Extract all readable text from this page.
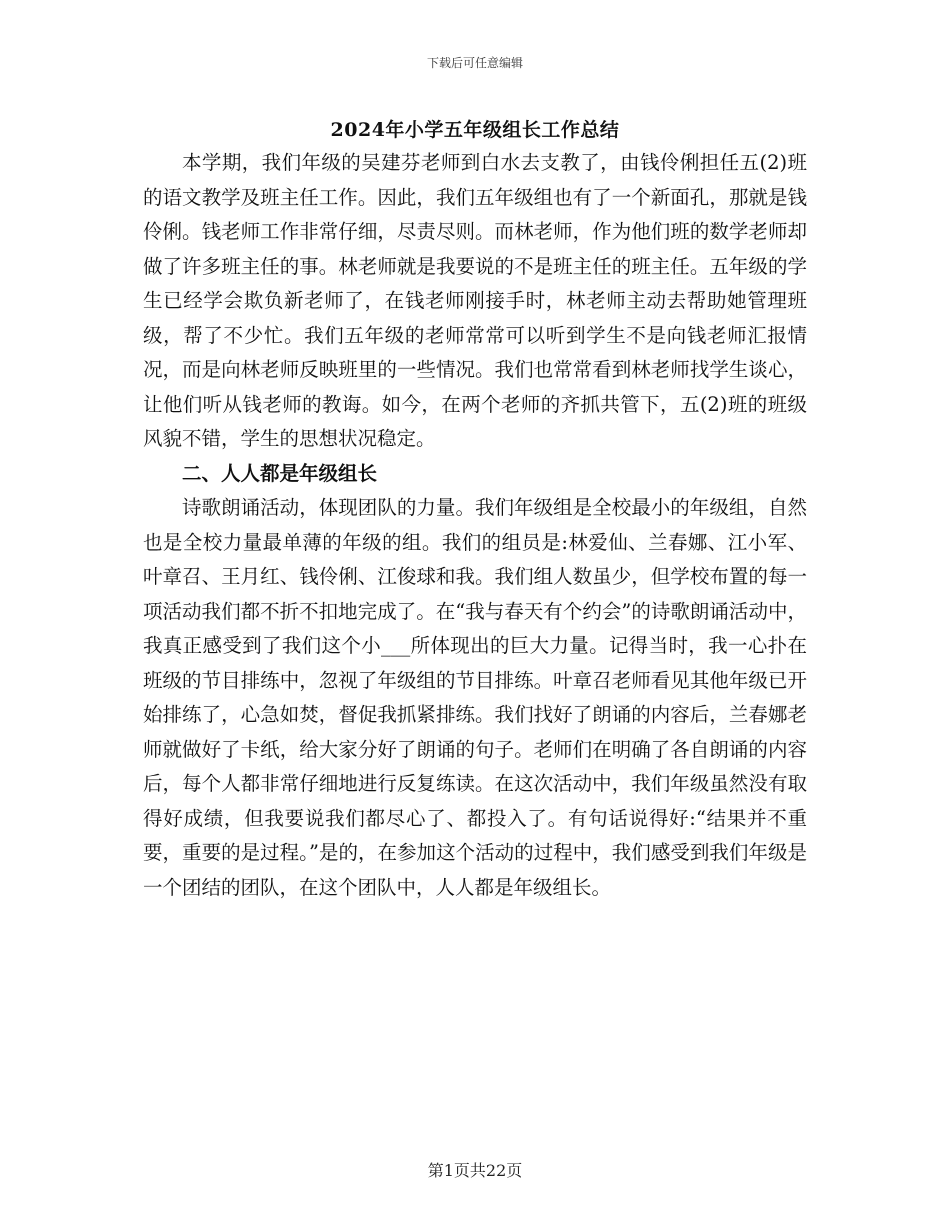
下载后可任意编辑
2024年小学五年级组长工作总结

本学期，我们年级的吴建芬老师到白水去支教了，由钱伶俐担任五(2)班的语文教学及班主任工作。因此，我们五年级组也有了一个新面孔，那就是钱伶俐。钱老师工作非常仔细，尽责尽则。而林老师，作为他们班的数学老师却做了许多班主任的事。林老师就是我要说的不是班主任的班主任。五年级的学生已经学会欺负新老师了，在钱老师刚接手时，林老师主动去帮助她管理班级，帮了不少忙。我们五年级的老师常常可以听到学生不是向钱老师汇报情况，而是向林老师反映班里的一些情况。我们也常常看到林老师找学生谈心，让他们听从钱老师的教诲。如今，在两个老师的齐抓共管下，五(2)班的班级风貌不错，学生的思想状况稳定。

二、人人都是年级组长

诗歌朗诵活动，体现团队的力量。我们年级组是全校最小的年级组，自然也是全校力量最单薄的年级的组。我们的组员是:林爱仙、兰春娜、江小军、叶章召、王月红、钱伶俐、江俊球和我。我们组人数虽少，但学校布置的每一项活动我们都不折不扣地完成了。在“我与春天有个约会”的诗歌朗诵活动中，我真正感受到了我们这个小___所体现出的巨大力量。记得当时，我一心扑在班级的节目排练中，忽视了年级组的节目排练。叶章召老师看见其他年级已开始排练了，心急如焚，督促我抓紧排练。我们找好了朗诵的内容后，兰春娜老师就做好了卡纸，给大家分好了朗诵的句子。老师们在明确了各自朗诵的内容后，每个人都非常仔细地进行反复练读。在这次活动中，我们年级虽然没有取得好成绩，但我要说我们都尽心了、都投入了。有句话说得好:“结果并不重要，重要的是过程。”是的，在参加这个活动的过程中，我们感受到我们年级是一个团结的团队，在这个团队中，人人都是年级组长。

第1页共22页
